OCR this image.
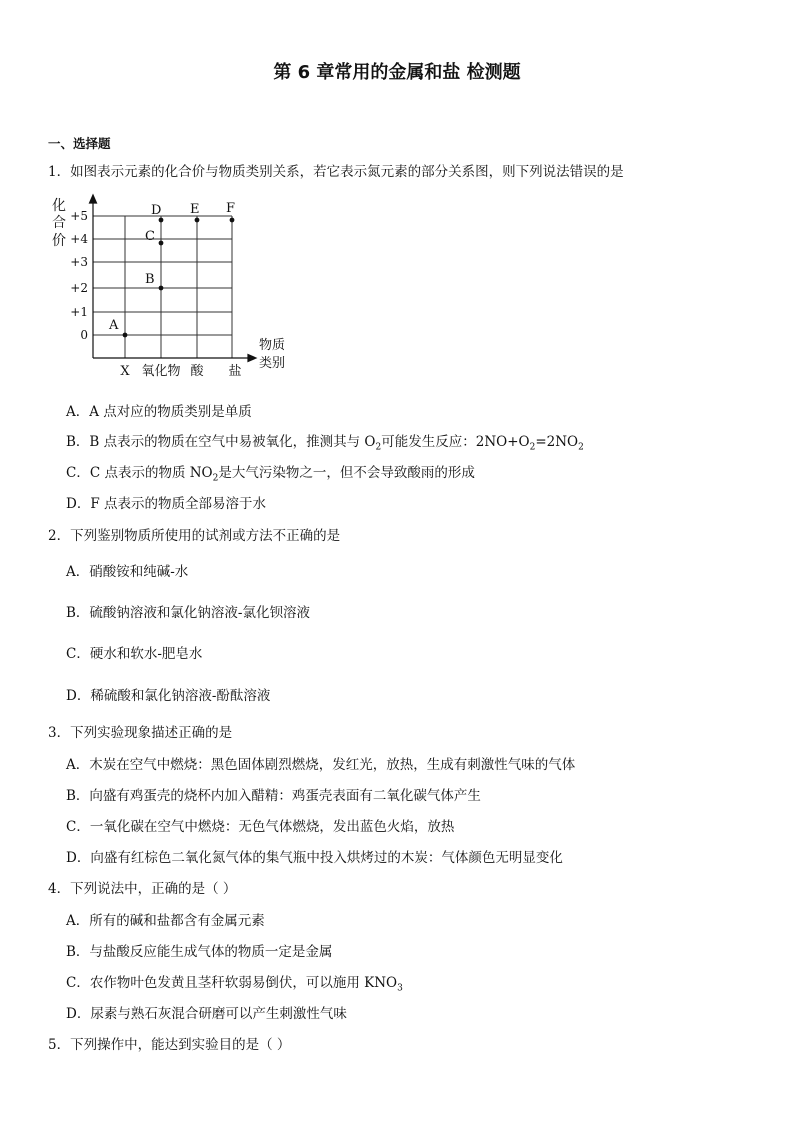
第 6 章常用的金属和盐 检测题
一、选择题
1．如图表示元素的化合价与物质类别关系，若它表示氮元素的部分关系图，则下列说法错误的是
化
合
价
+5
+4
+3
+2
+1
0
X 氧化物 酸 盐
物质
类别
A
B
C
D E F
A．A 点对应的物质类别是单质
B．B 点表示的物质在空气中易被氧化，推测其与 $O_2$可能发生反应：$2NO+O_2=2NO_2$
C．C 点表示的物质 $NO_2$是大气污染物之一，但不会导致酸雨的形成
D．F 点表示的物质全部易溶于水
2．下列鉴别物质所使用的试剂或方法不正确的是
A．硝酸铵和纯碱-水
B．硫酸钠溶液和氯化钠溶液-氯化钡溶液
C．硬水和软水-肥皂水
D．稀硫酸和氯化钠溶液-酚酞溶液
3．下列实验现象描述正确的是
A．木炭在空气中燃烧：黑色固体剧烈燃烧，发红光，放热，生成有刺激性气味的气体
B．向盛有鸡蛋壳的烧杯内加入醋精：鸡蛋壳表面有二氧化碳气体产生
C．一氧化碳在空气中燃烧：无色气体燃烧，发出蓝色火焰，放热
D．向盛有红棕色二氧化氮气体的集气瓶中投入烘烤过的木炭：气体颜色无明显变化
4．下列说法中，正确的是（ ）
A．所有的碱和盐都含有金属元素
B．与盐酸反应能生成气体的物质一定是金属
C．农作物叶色发黄且茎秆软弱易倒伏，可以施用 $KNO_3$
D．尿素与熟石灰混合研磨可以产生刺激性气味
5．下列操作中，能达到实验目的是（ ）
